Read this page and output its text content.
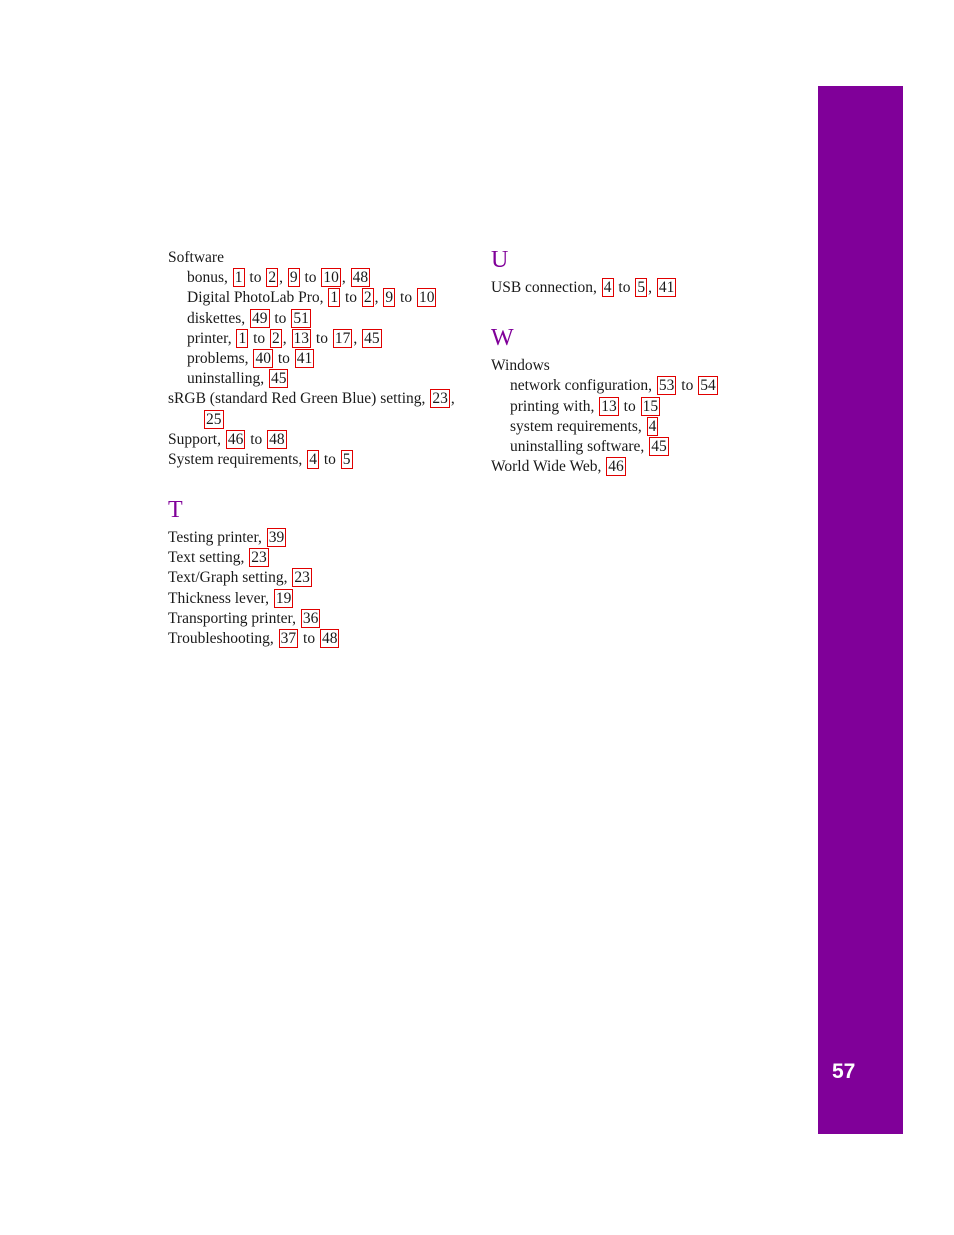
57
Software
bonus, 1 to 2 , 9 to 10 , 48
Digital PhotoLab Pro, 1 to 2 , 9 to 10
diskettes, 49 to 51
printer, 1 to 2 , 13 to 17 , 45
problems, 40 to 41
uninstalling, 45
sRGB (standard Red Green Blue) setting, 23 ,
25
Support, 46 to 48
System requirements, 4 to 5
T
Testing printer, 39
Text setting, 23
Text/Graph setting, 23
Thickness lever, 19
Transporting printer, 36
Troubleshooting, 37 to 48
U
USB connection, 4 to 5 , 41
W
Windows
network configuration, 53 to 54
printing with, 13 to 15
system requirements, 4
uninstalling software, 45
World Wide Web, 46
